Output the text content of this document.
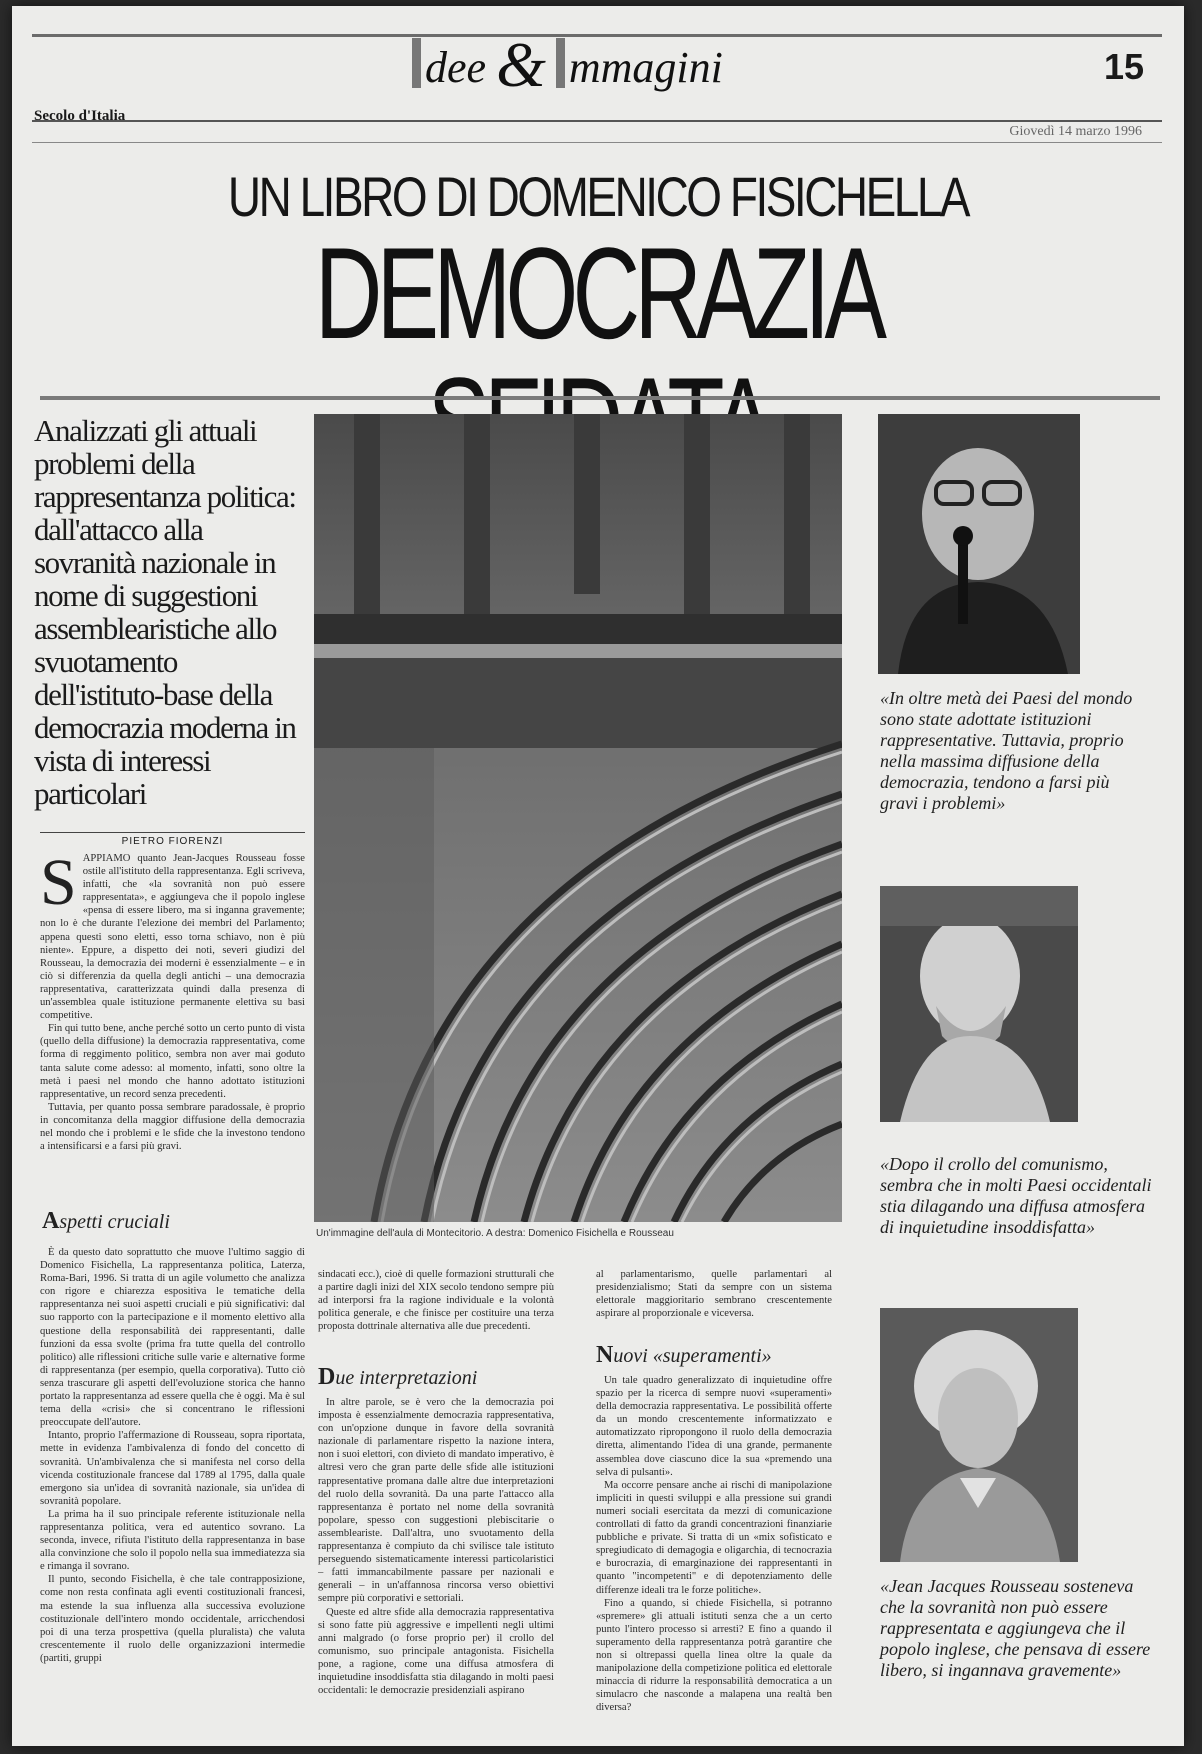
dee & mmagini	15
Secolo d'Italia
Giovedì 14 marzo 1996
UN LIBRO DI DOMENICO FISICHELLA
DEMOCRAZIA
Analizzati gli attuali problemi della rappresentanza politica: dall'attacco alla sovranità nazionale in nome di suggestioni assemblearistiche allo svuotamento dell'istituto-base della democrazia moderna in vista di interessi particolari
PIETRO FIORENZI
S APPIAMO quanto Jean-Jacques Rousseau fosse ostile all'istituto della rappresentanza. Egli scriveva, infatti, che «la sovranità non può essere rappresentata», e aggiungeva che il popolo inglese «pensa di essere libero, ma si inganna gravemente; non lo è che durante l'elezione dei membri del Parlamento; appena questi sono eletti, esso torna schiavo, non è più niente». Eppure, a dispetto dei noti, severi giudizi del Rousseau, la democrazia dei moderni è essenzialmente – e in ciò si differenzia da quella degli antichi – una democrazia rappresentativa, caratterizzata quindi dalla presenza di un'assemblea quale istituzione permanente elettiva su basi competitive.

Fin qui tutto bene, anche perché sotto un certo punto di vista (quello della diffusione) la democrazia rappresentativa, come forma di reggimento politico, sembra non aver mai goduto tanta salute come adesso: al momento, infatti, sono oltre la metà i paesi nel mondo che hanno adottato istituzioni rappresentative, un record senza precedenti.

Tuttavia, per quanto possa sembrare paradossale, è proprio in concomitanza della maggior diffusione della democrazia nel mondo che i problemi e le sfide che la investono tendono a intensificarsi e a farsi più gravi.

Aspetti cruciali

È da questo dato soprattutto che muove l'ultimo saggio di Domenico Fisichella, La rappresentanza politica, Laterza, Roma-Bari, 1996. Si tratta di un agile volumetto che analizza con rigore e chiarezza espositiva le tematiche della rappresentanza nei suoi aspetti cruciali e più significativi: dal suo rapporto con la partecipazione e il momento elettivo alla questione della responsabilità dei rappresentanti, dalle funzioni da essa svolte (prima fra tutte quella del controllo politico) alle riflessioni critiche sulle varie e alternative forme di rappresentanza (per esempio, quella corporativa). Tutto ciò senza trascurare gli aspetti dell'evoluzione storica che hanno portato la rappresentanza ad essere quella che è oggi. Ma è sul tema della «crisi» che si concentrano le riflessioni preoccupate dell'autore.

Intanto, proprio l'affermazione di Rousseau, sopra riportata, mette in evidenza l'ambivalenza di fondo del concetto di sovranità. Un'ambivalenza che si manifesta nel corso della vicenda costituzionale francese dal 1789 al 1795, dalla quale emergono sia un'idea di sovranità nazionale, sia un'idea di sovranità popolare.

La prima ha il suo principale referente istituzionale nella rappresentanza politica, vera ed autentico sovrano. La seconda, invece, rifiuta l'istituto della rappresentanza in base alla convinzione che solo il popolo nella sua immediatezza sia e rimanga il sovrano.

Il punto, secondo Fisichella, è che tale contrapposizione, come non resta confinata agli eventi costituzionali francesi, ma estende la sua influenza alla successiva evoluzione costituzionale dell'intero mondo occidentale, arricchendosi poi di una terza prospettiva (quella pluralista) che valuta crescentemente il ruolo delle organizzazioni intermedie (partiti, gruppi

sindacati ecc.), cioè di quelle formazioni strutturali che a partire dagli inizi del XIX secolo tendono sempre più ad interporsi fra la ragione individuale e la volontà politica generale, e che finisce per costituire una terza proposta dottrinale alternativa alle due precedenti.

Due interpretazioni

In altre parole, se è vero che la democrazia poi imposta è essenzialmente democrazia rappresentativa, con un'opzione dunque in favore della sovranità nazionale di parlamentare rispetto la nazione intera, non i suoi elettori, con divieto di mandato imperativo, è altresì vero che gran parte delle sfide alle istituzioni rappresentative promana dalle altre due interpretazioni del ruolo della sovranità. Da una parte l'attacco alla rappresentanza è portato nel nome della sovranità popolare, spesso con suggestioni plebiscitarie o assembleariste. Dall'altra, uno svuotamento della rappresentanza è compiuto da chi svilisce tale istituto perseguendo sistematicamente interessi particolaristici – fatti immancabilmente passare per nazionali e generali – in un'affannosa rincorsa verso obiettivi sempre più corporativi e settoriali.

Queste ed altre sfide alla democrazia rappresentativa si sono fatte più aggressive e impellenti negli ultimi anni malgrado (o forse proprio per) il crollo del comunismo, suo principale antagonista. Fisichella pone, a ragione, come una diffusa atmosfera di inquietudine insoddisfatta stia dilagando in molti paesi occidentali: le democrazie presidenziali aspirano

al parlamentarismo, quelle parlamentari al presidenzialismo; Stati da sempre con un sistema elettorale maggioritario sembrano crescentemente aspirare al proporzionale e viceversa.

Nuovi «superamenti»

Un tale quadro generalizzato di inquietudine offre spazio per la ricerca di sempre nuovi «superamenti» della democrazia rappresentativa. Le possibilità offerte da un mondo crescentemente informatizzato e automatizzato ripropongono il ruolo della democrazia diretta, alimentando l'idea di una grande, permanente assemblea dove ciascuno dice la sua «premendo una selva di pulsanti».

Ma occorre pensare anche ai rischi di manipolazione impliciti in questi sviluppi e alla pressione sui grandi numeri sociali esercitata da mezzi di comunicazione controllati di fatto da grandi concentrazioni finanziarie pubbliche e private. Si tratta di un «mix sofisticato e spregiudicato di demagogia e oligarchia, di tecnocrazia e burocrazia, di emarginazione dei rappresentanti in quanto "incompetenti" e di depotenziamento delle differenze ideali tra le forze politiche».

Fino a quando, si chiede Fisichella, si potranno «spremere» gli attuali istituti senza che a un certo punto l'intero processo si arresti? E fino a quando il superamento della rappresentanza potrà garantire che non si oltrepassi quella linea oltre la quale da manipolazione della competizione politica ed elettorale minaccia di ridurre la responsabilità democratica a un simulacro che nasconde a malapena una realtà ben diversa?

Un'immagine dell'aula di Montecitorio. A destra: Domenico Fisichella e Rousseau
«In oltre metà dei Paesi del mondo sono state adottate istituzioni rappresentative. Tuttavia, proprio nella massima diffusione della democrazia, tendono a farsi più gravi i problemi»
«Dopo il crollo del comunismo, sembra che in molti Paesi occidentali stia dilagando una diffusa atmosfera di inquietudine insoddisfatta»
«Jean Jacques Rousseau sosteneva che la sovranità non può essere rappresentata e aggiungeva che il popolo inglese, che pensava di essere libero, si ingannava gravemente»
